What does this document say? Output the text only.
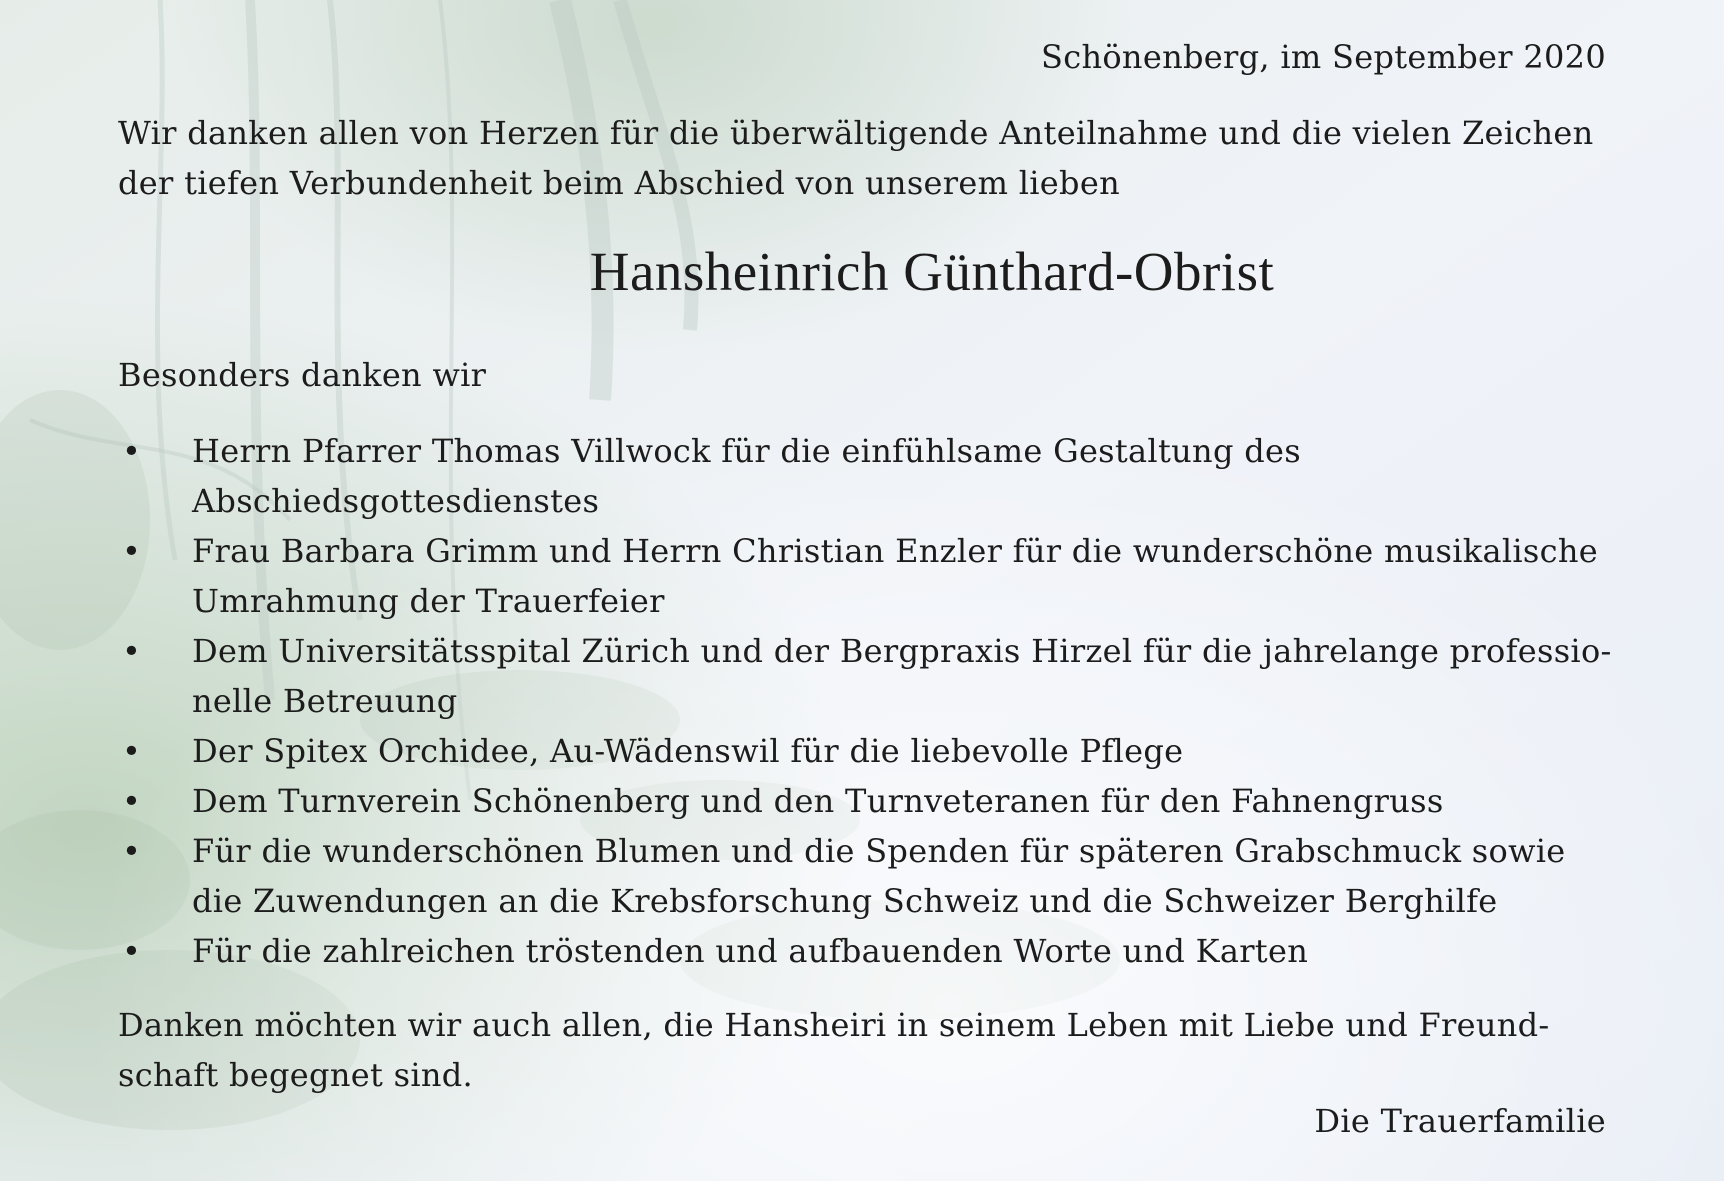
Schönenberg, im September 2020
Wir danken allen von Herzen für die überwältigende Anteilnahme und die vielen Zeichen
der tiefen Verbundenheit beim Abschied von unserem lieben
Hansheinrich Günthard-Obrist
Besonders danken wir
• Herrn Pfarrer Thomas Villwock für die einfühlsame Gestaltung des
Abschiedsgottesdienstes
• Frau Barbara Grimm und Herrn Christian Enzler für die wunderschöne musikalische
Umrahmung der Trauerfeier
• Dem Universitätsspital Zürich und der Bergpraxis Hirzel für die jahrelange professio-
nelle Betreuung
• Der Spitex Orchidee, Au-Wädenswil für die liebevolle Pflege
• Dem Turnverein Schönenberg und den Turnveteranen für den Fahnengruss
• Für die wunderschönen Blumen und die Spenden für späteren Grabschmuck sowie
die Zuwendungen an die Krebsforschung Schweiz und die Schweizer Berghilfe
• Für die zahlreichen tröstenden und aufbauenden Worte und Karten
Danken möchten wir auch allen, die Hansheiri in seinem Leben mit Liebe und Freund-
schaft begegnet sind.
Die Trauerfamilie
